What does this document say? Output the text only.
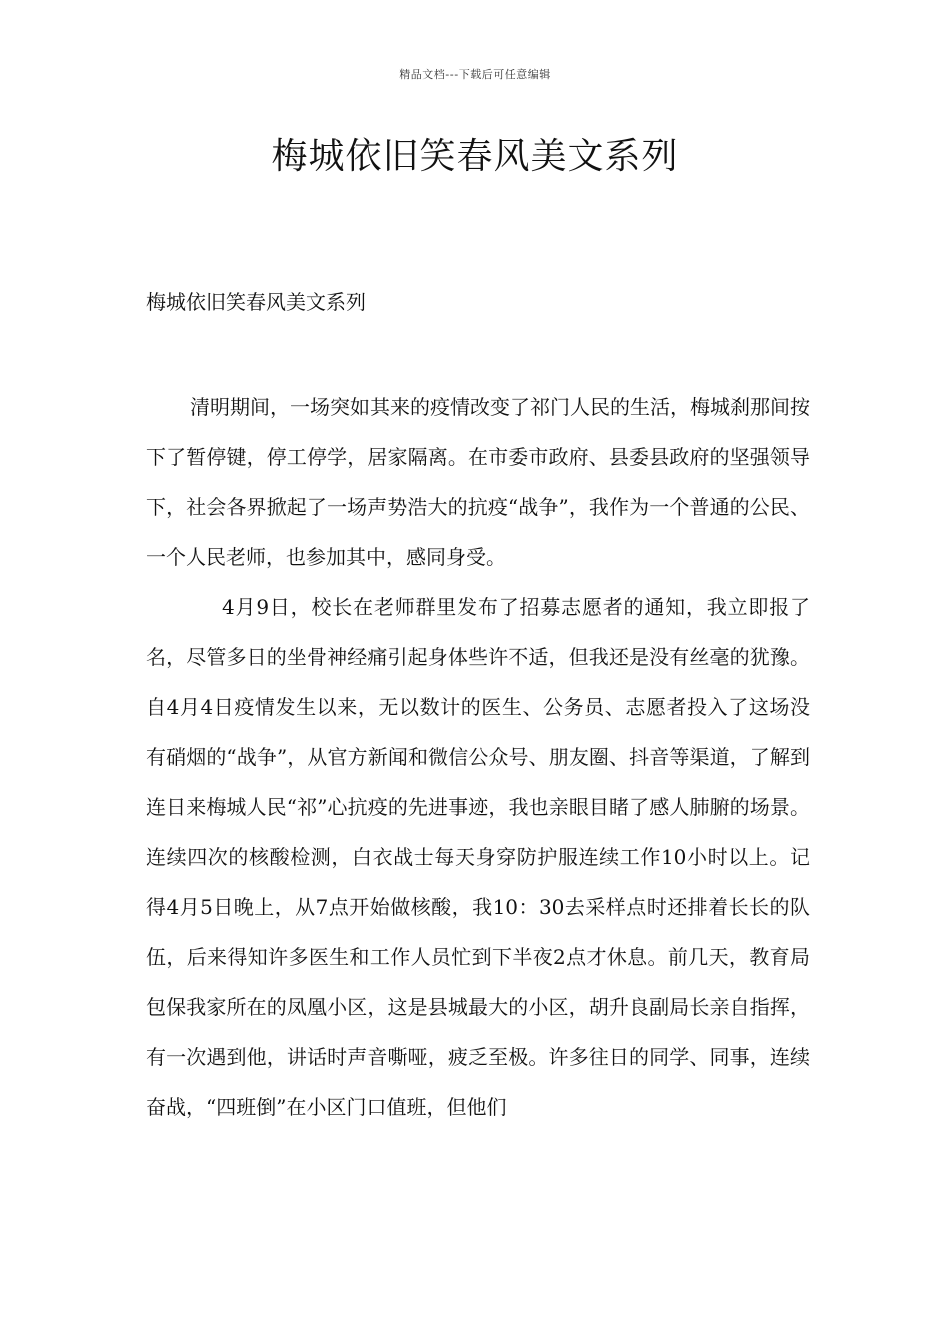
精品文档---下载后可任意编辑
梅城依旧笑春风美文系列

梅城依旧笑春风美文系列

清明期间，一场突如其来的疫情改变了祁门人民的生活，梅城刹那间按下了暂停键，停工停学，居家隔离。在市委市政府、县委县政府的坚强领导下，社会各界掀起了一场声势浩大的抗疫“战争”，我作为一个普通的公民、一个人民老师，也参加其中，感同身受。

4月9日，校长在老师群里发布了招募志愿者的通知，我立即报了名，尽管多日的坐骨神经痛引起身体些许不适，但我还是没有丝毫的犹豫。自4月4日疫情发生以来，无以数计的医生、公务员、志愿者投入了这场没有硝烟的“战争”，从官方新闻和微信公众号、朋友圈、抖音等渠道，了解到连日来梅城人民“祁”心抗疫的先进事迹，我也亲眼目睹了感人肺腑的场景。连续四次的核酸检测，白衣战士每天身穿防护服连续工作10小时以上。记得4月5日晚上，从7点开始做核酸，我10：30去采样点时还排着长长的队伍，后来得知许多医生和工作人员忙到下半夜2点才休息。前几天，教育局包保我家所在的凤凰小区，这是县城最大的小区，胡升良副局长亲自指挥，有一次遇到他，讲话时声音嘶哑，疲乏至极。许多往日的同学、同事，连续奋战，“四班倒”在小区门口值班，但他们
